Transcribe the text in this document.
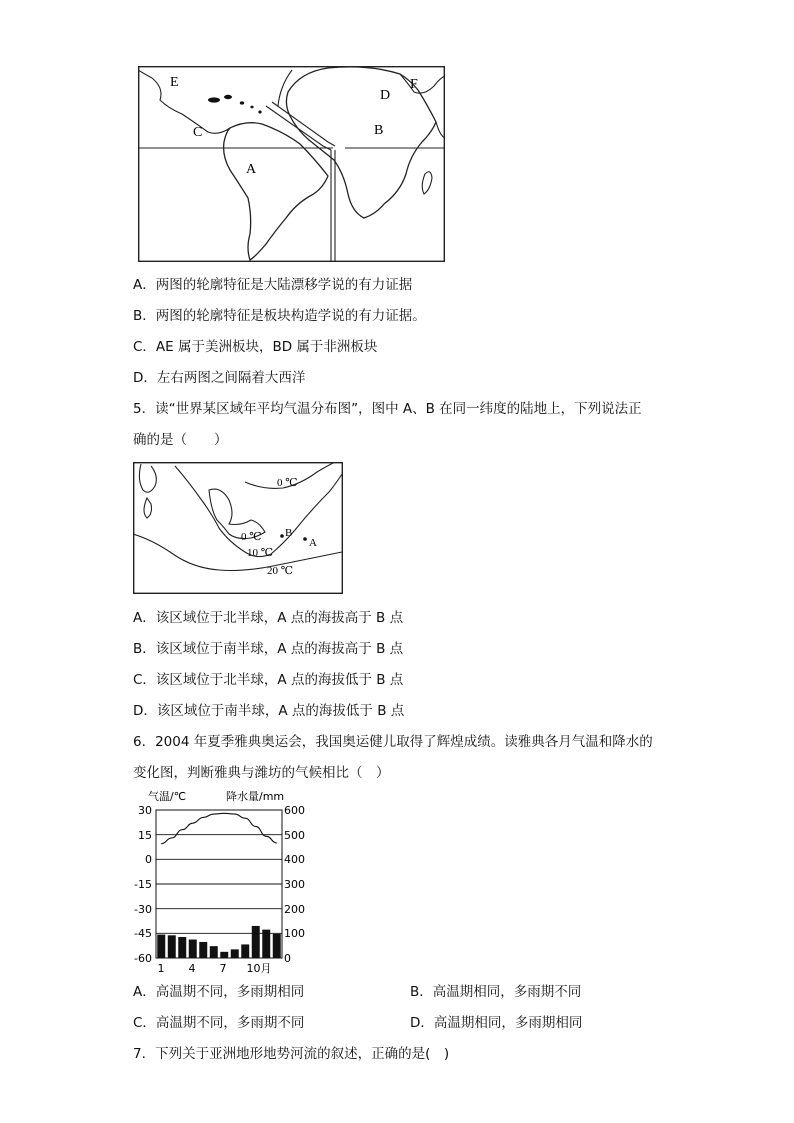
E	F
D
B
C
A
A．两图的轮廓特征是大陆漂移学说的有力证据
B．两图的轮廓特征是板块构造学说的有力证据。
C．AE 属于美洲板块，BD 属于非洲板块
D．左右两图之间隔着大西洋
5．读“世界某区域年平均气温分布图”，图中 A、B 在同一纬度的陆地上，下列说法正
确的是（　　）
0 ℃
0 ℃
10 ℃
20 ℃
B
A
A．该区域位于北半球，A 点的海拔高于 B 点
B．该区域位于南半球，A 点的海拔高于 B 点
C．该区域位于北半球，A 点的海拔低于 B 点
D．该区域位于南半球，A 点的海拔低于 B 点
6．2004 年夏季雅典奥运会，我国奥运健儿取得了辉煌成绩。读雅典各月气温和降水的
变化图，判断雅典与潍坊的气候相比（　）
气温/℃	降水量/mm
30
15
0
-15
-30
-45
-60
600
500
400
300
200
100
0
1 4 7 10月
A．高温期不同，多雨期相同	B．高温期相同，多雨期不同
C．高温期不同，多雨期不同	D．高温期相同，多雨期相同
7．下列关于亚洲地形地势河流的叙述，正确的是(　)
